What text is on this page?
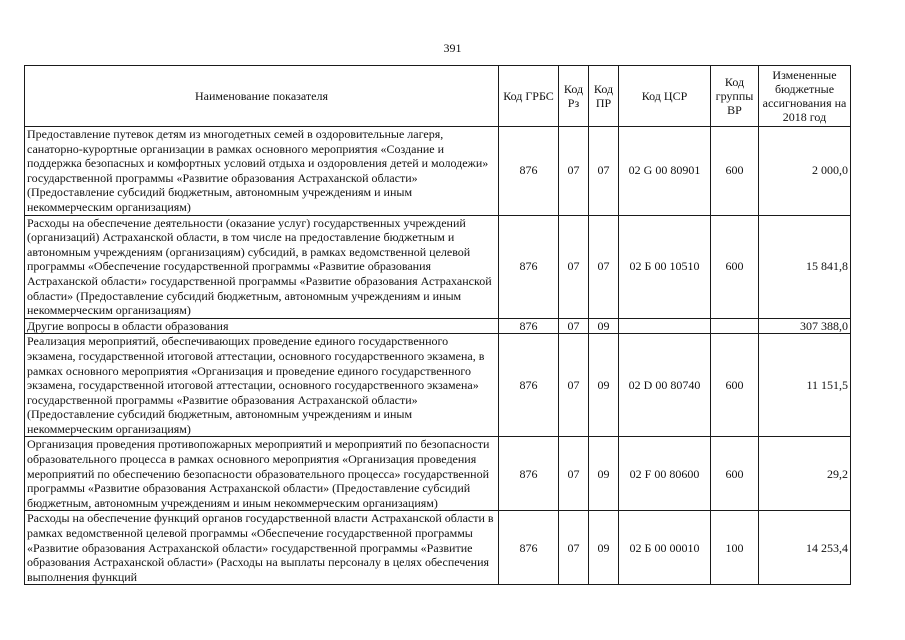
391
Наименование показателя	Код ГРБС	Код Рз	Код ПР	Код ЦСР	Код группы ВР	Измененные бюджетные ассигнования на 2018 год
Предоставление путевок детям из многодетных семей в оздоровительные лагеря, санаторно-курортные организации в рамках основного мероприятия «Создание и поддержка безопасных и комфортных условий отдыха и оздоровления детей и молодежи» государственной программы «Развитие образования Астраханской области» (Предоставление субсидий бюджетным, автономным учреждениям и иным некоммерческим организациям)	876	07	07	02 G 00 80901	600	2 000,0
Расходы на обеспечение деятельности (оказание услуг) государственных учреждений (организаций) Астраханской области, в том числе на предоставление бюджетным и автономным учреждениям (организациям) субсидий, в рамках ведомственной целевой программы «Обеспечение государственной программы «Развитие образования Астраханской области» государственной программы «Развитие образования Астраханской области» (Предоставление субсидий бюджетным, автономным учреждениям и иным некоммерческим организациям)	876	07	07	02 Б 00 10510	600	15 841,8
Другие вопросы в области образования	876	07	09			307 388,0
Реализация мероприятий, обеспечивающих проведение единого государственного экзамена, государственной итоговой аттестации, основного государственного экзамена, в рамках основного мероприятия «Организация и проведение единого государственного экзамена, государственной итоговой аттестации, основного государственного экзамена» государственной программы «Развитие образования Астраханской области» (Предоставление субсидий бюджетным, автономным учреждениям и иным некоммерческим организациям)	876	07	09	02 D 00 80740	600	11 151,5
Организация проведения противопожарных мероприятий и мероприятий по безопасности образовательного процесса в рамках основного мероприятия «Организация проведения мероприятий по обеспечению безопасности образовательного процесса» государственной программы «Развитие образования Астраханской области» (Предоставление субсидий бюджетным, автономным учреждениям и иным некоммерческим организациям)	876	07	09	02 F 00 80600	600	29,2
Расходы на обеспечение функций органов государственной власти Астраханской области в рамках ведомственной целевой программы «Обеспечение государственной программы «Развитие образования Астраханской области» государственной программы «Развитие образования Астраханской области» (Расходы на выплаты персоналу в целях обеспечения выполнения функций	876	07	09	02 Б 00 00010	100	14 253,4
